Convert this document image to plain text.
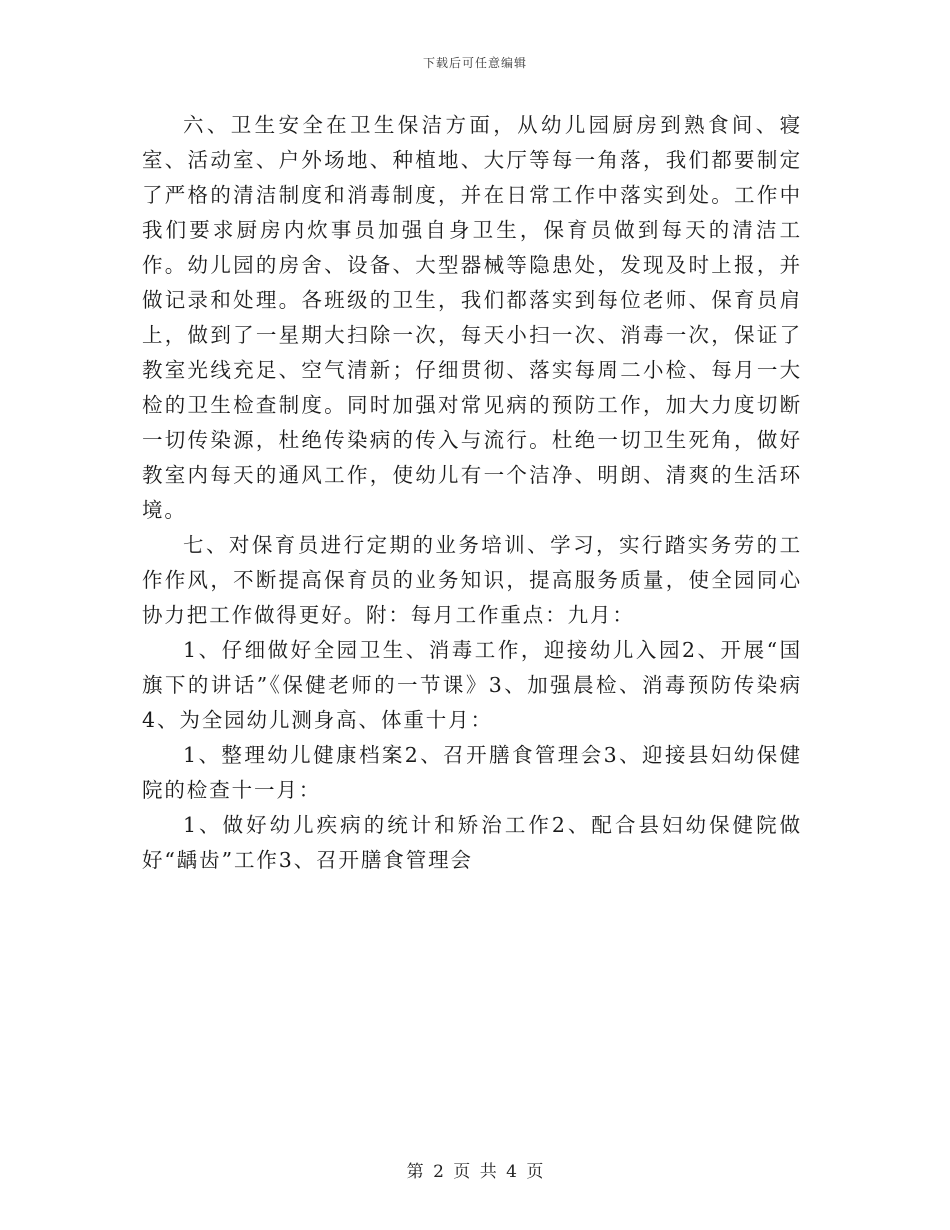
下载后可任意编辑

六、卫生安全在卫生保洁方面，从幼儿园厨房到熟食间、寝室、活动室、户外场地、种植地、大厅等每一角落，我们都要制定了严格的清洁制度和消毒制度，并在日常工作中落实到处。工作中我们要求厨房内炊事员加强自身卫生，保育员做到每天的清洁工作。幼儿园的房舍、设备、大型器械等隐患处，发现及时上报，并做记录和处理。各班级的卫生，我们都落实到每位老师、保育员肩上，做到了一星期大扫除一次，每天小扫一次、消毒一次，保证了教室光线充足、空气清新；仔细贯彻、落实每周二小检、每月一大检的卫生检查制度。同时加强对常见病的预防工作，加大力度切断一切传染源，杜绝传染病的传入与流行。杜绝一切卫生死角，做好教室内每天的通风工作，使幼儿有一个洁净、明朗、清爽的生活环境。

七、对保育员进行定期的业务培训、学习，实行踏实务劳的工作作风，不断提高保育员的业务知识，提高服务质量，使全园同心协力把工作做得更好。附：每月工作重点：九月：

1、仔细做好全园卫生、消毒工作，迎接幼儿入园2、开展“国旗下的讲话”《保健老师的一节课》3、加强晨检、消毒预防传染病4、为全园幼儿测身高、体重十月：

1、整理幼儿健康档案2、召开膳食管理会3、迎接县妇幼保健院的检查十一月：

1、做好幼儿疾病的统计和矫治工作2、配合县妇幼保健院做好“龋齿”工作3、召开膳食管理会

第 2 页 共 4 页
